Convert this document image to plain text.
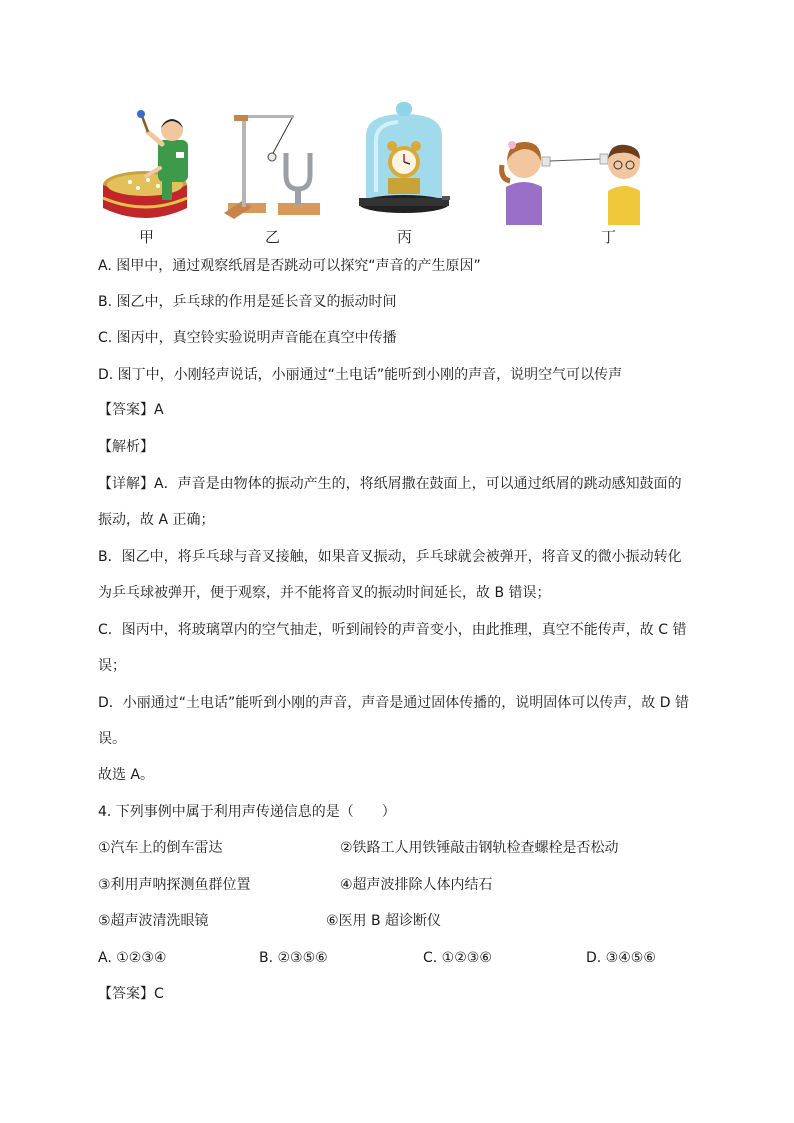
甲	乙	丙	丁
A. 图甲中，通过观察纸屑是否跳动可以探究“声音的产生原因”
B. 图乙中，乒乓球的作用是延长音叉的振动时间
C. 图丙中，真空铃实验说明声音能在真空中传播
D. 图丁中，小刚轻声说话，小丽通过“土电话”能听到小刚的声音，说明空气可以传声
【答案】A
【解析】
【详解】A．声音是由物体的振动产生的，将纸屑撒在鼓面上，可以通过纸屑的跳动感知鼓面的
振动，故 A 正确；
B．图乙中，将乒乓球与音叉接触，如果音叉振动，乒乓球就会被弹开，将音叉的微小振动转化
为乒乓球被弹开，便于观察，并不能将音叉的振动时间延长，故 B 错误；
C．图丙中，将玻璃罩内的空气抽走，听到闹铃的声音变小，由此推理，真空不能传声，故 C 错
误；
D．小丽通过“土电话”能听到小刚的声音，声音是通过固体传播的，说明固体可以传声，故 D 错
误。
故选 A。
4. 下列事例中属于利用声传递信息的是（　　）
①汽车上的倒车雷达	②铁路工人用铁锤敲击钢轨检查螺栓是否松动
③利用声呐探测鱼群位置	④超声波排除人体内结石
⑤超声波清洗眼镜	⑥医用 B 超诊断仪
A. ①②③④	B. ②③⑤⑥	C. ①②③⑥	D. ③④⑤⑥
【答案】C
